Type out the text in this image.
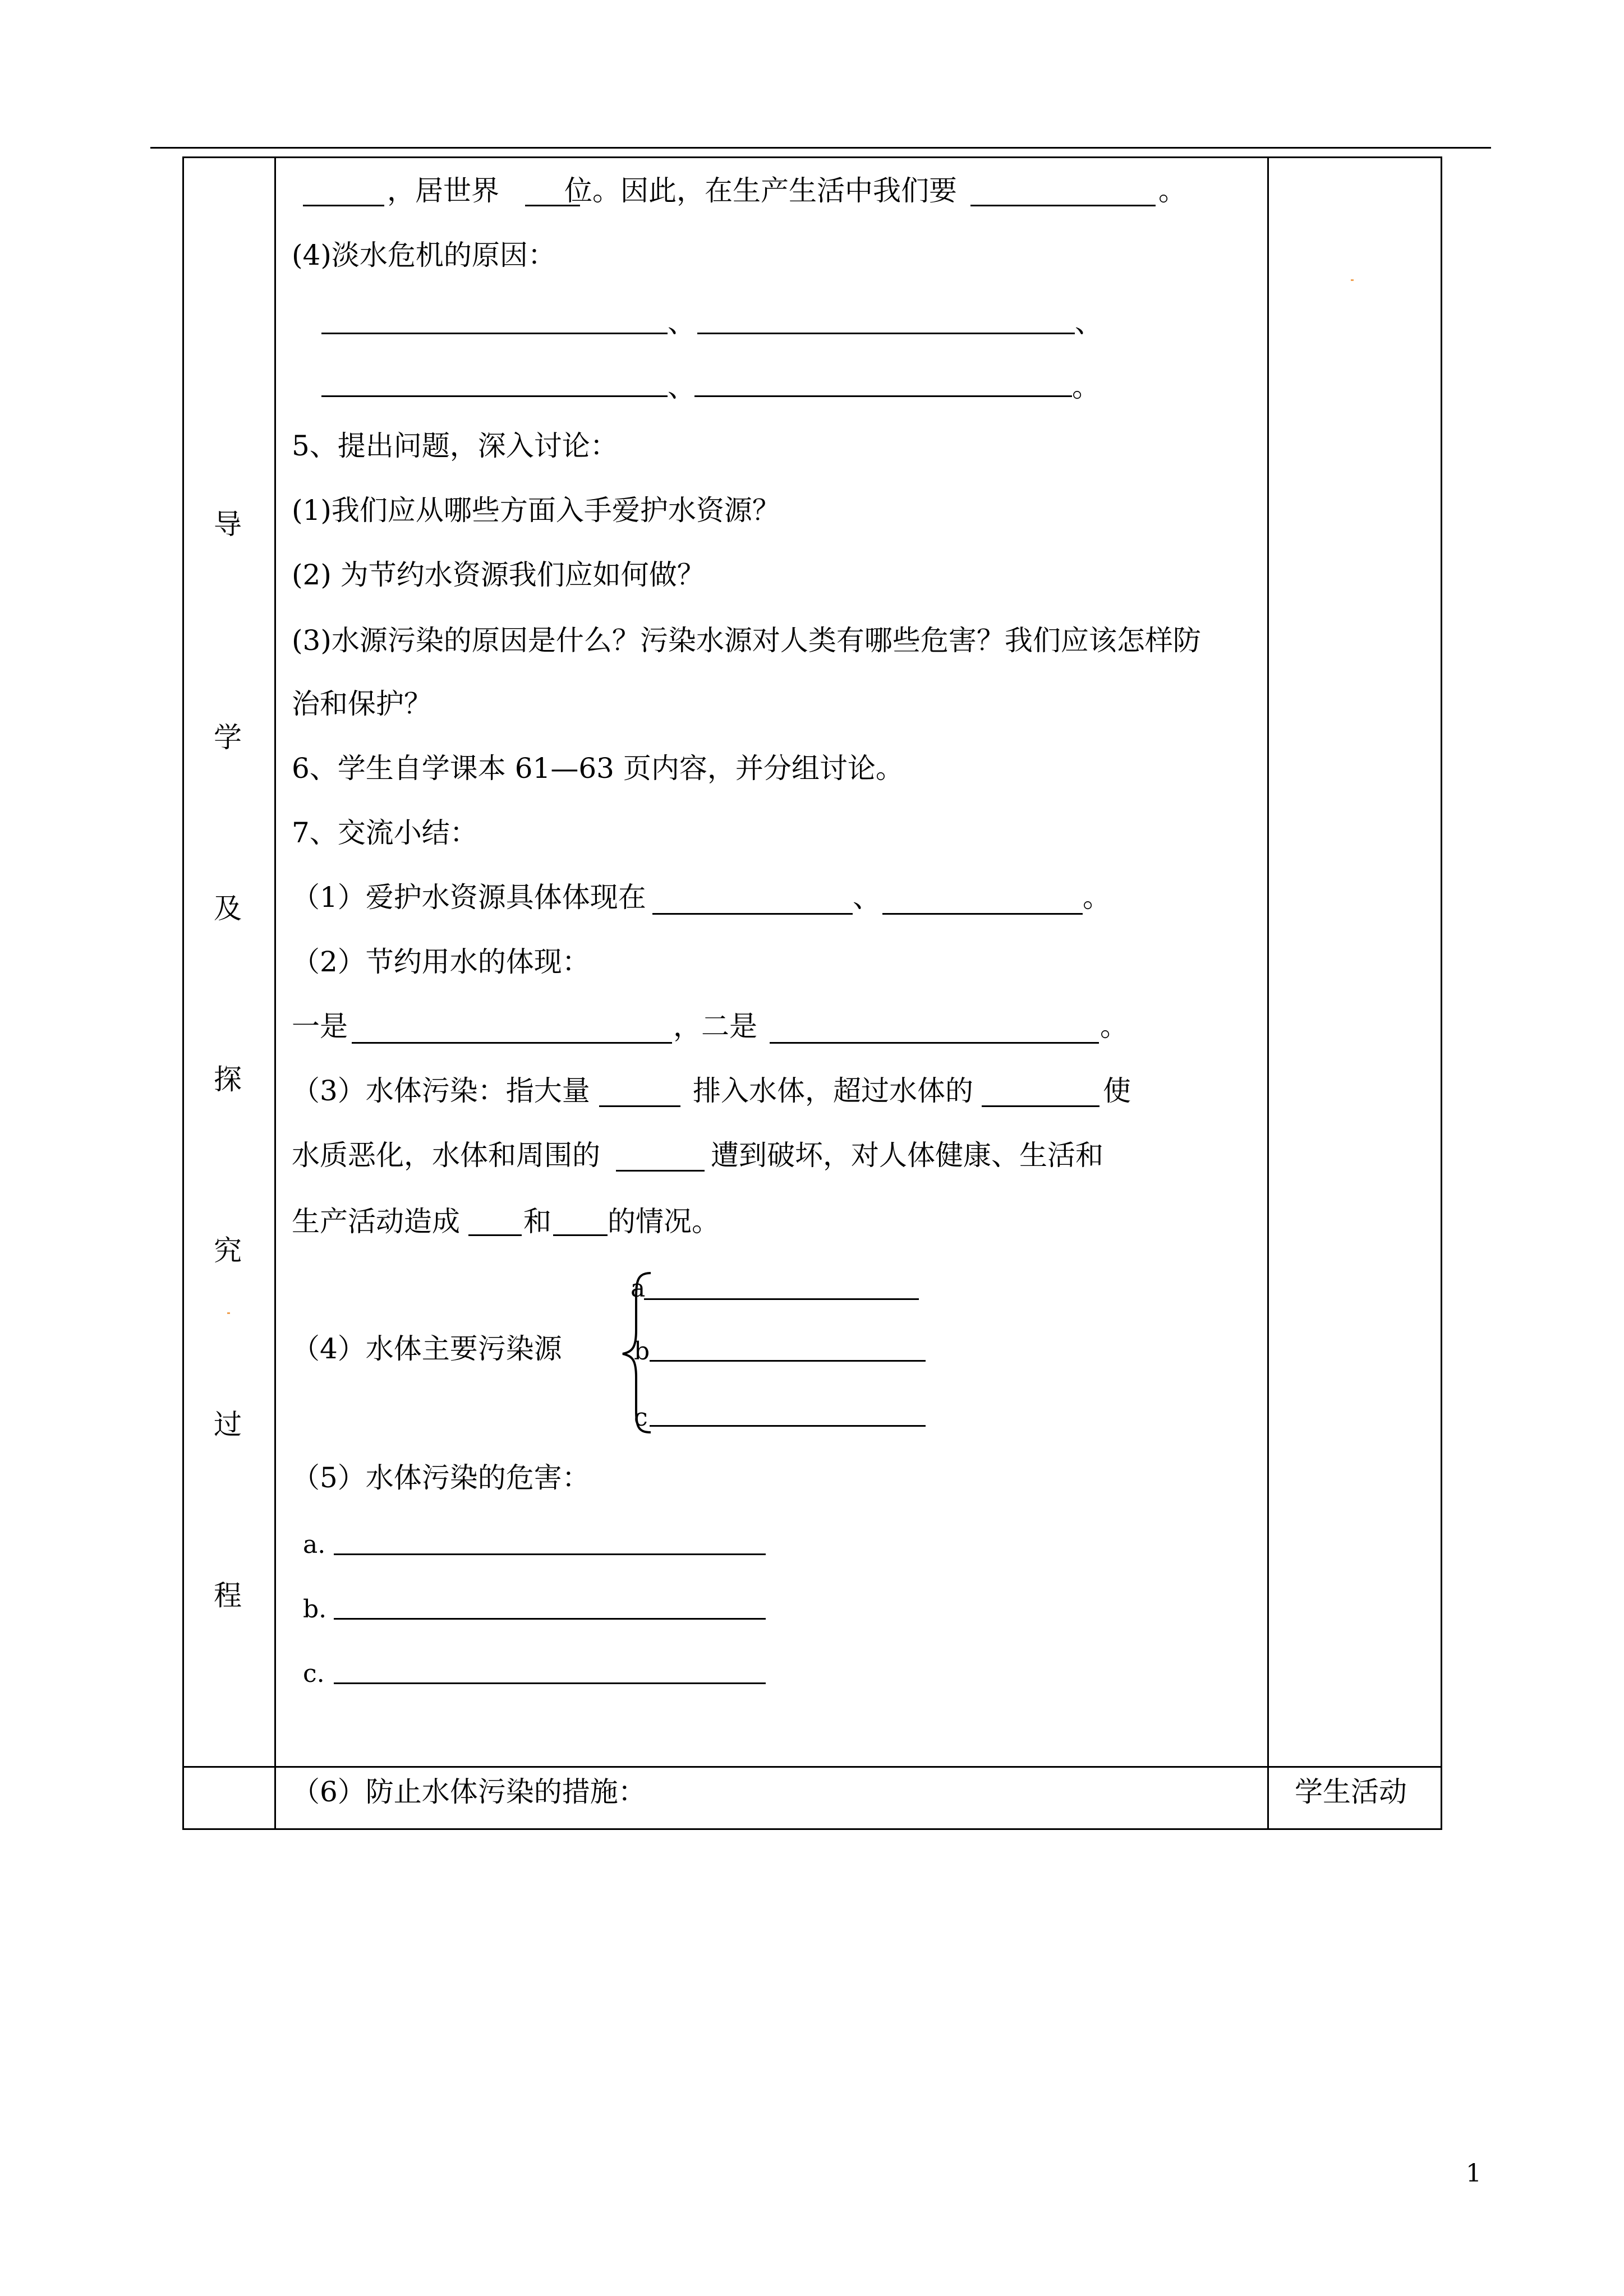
导
学
及
探
究
过
程
，居世界 位。因此，在生产生活中我们要	。
(4)淡水危机的原因：
、	、
、	。
5、提出问题，深入讨论：
(1)我们应从哪些方面入手爱护水资源？
(2) 为节约水资源我们应如何做？
(3)水源污染的原因是什么？污染水源对人类有哪些危害？我们应该怎样防
治和保护？
6、学生自学课本 61—63 页内容，并分组讨论。
7、交流小结：
（1）爱护水资源具体体现在	、	。
（2）节约用水的体现：
一是	，二是	。
（3）水体污染：指大量	排入水体，超过水体的	使
水质恶化，水体和周围的	遭到破坏，对人体健康、生活和
生产活动造成 和 的情况。
（4）水体主要污染源
a
b
c
（5）水体污染的危害：
a.
b.
c.
（6）防止水体污染的措施：	学生活动
1
